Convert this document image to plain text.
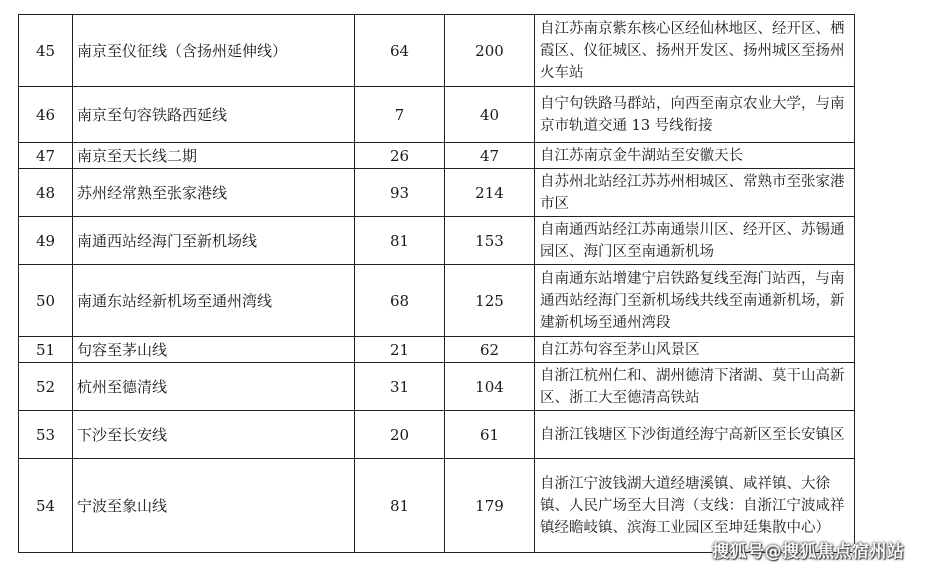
45	南京至仪征线（含扬州延伸线）	64	200	自江苏南京紫东核心区经仙林地区、经开区、栖霞区、仪征城区、扬州开发区、扬州城区至扬州火车站
46	南京至句容铁路西延线	7	40	自宁句铁路马群站，向西至南京农业大学，与南京市轨道交通 13 号线衔接
47	南京至天长线二期	26	47	自江苏南京金牛湖站至安徽天长
48	苏州经常熟至张家港线	93	214	自苏州北站经江苏苏州相城区、常熟市至张家港市区
49	南通西站经海门至新机场线	81	153	自南通西站经江苏南通崇川区、经开区、苏锡通园区、海门区至南通新机场
50	南通东站经新机场至通州湾线	68	125	自南通东站增建宁启铁路复线至海门站西，与南通西站经海门至新机场线共线至南通新机场，新建新机场至通州湾段
51	句容至茅山线	21	62	自江苏句容至茅山风景区
52	杭州至德清线	31	104	自浙江杭州仁和、湖州德清下渚湖、莫干山高新区、浙工大至德清高铁站
53	下沙至长安线	20	61	自浙江钱塘区下沙街道经海宁高新区至长安镇区
54	宁波至象山线	81	179	自浙江宁波钱湖大道经塘溪镇、咸祥镇、大徐镇、人民广场至大目湾（支线：自浙江宁波咸祥镇经瞻岐镇、滨海工业园区至坤廷集散中心）
搜狐号@搜狐焦点宿州站
